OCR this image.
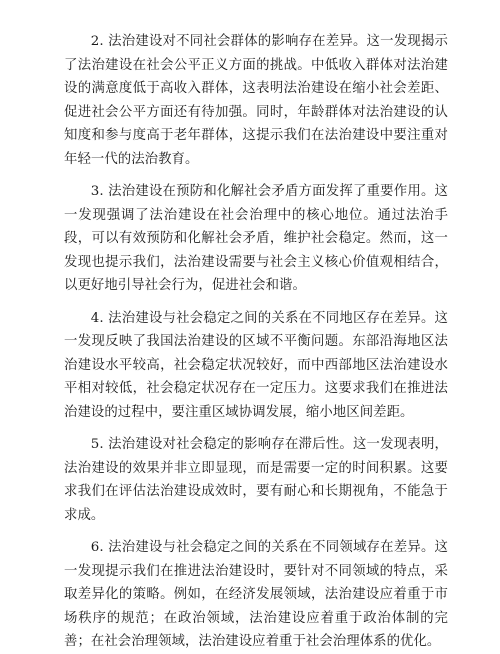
2. 法治建设对不同社会群体的影响存在差异。这一发现揭示了法治建设在社会公平正义方面的挑战。中低收入群体对法治建设的满意度低于高收入群体，这表明法治建设在缩小社会差距、促进社会公平方面还有待加强。同时，年龄群体对法治建设的认知度和参与度高于老年群体，这提示我们在法治建设中要注重对年轻一代的法治教育。

3. 法治建设在预防和化解社会矛盾方面发挥了重要作用。这一发现强调了法治建设在社会治理中的核心地位。通过法治手段，可以有效预防和化解社会矛盾，维护社会稳定。然而，这一发现也提示我们，法治建设需要与社会主义核心价值观相结合，以更好地引导社会行为，促进社会和谐。

4. 法治建设与社会稳定之间的关系在不同地区存在差异。这一发现反映了我国法治建设的区域不平衡问题。东部沿海地区法治建设水平较高，社会稳定状况较好，而中西部地区法治建设水平相对较低，社会稳定状况存在一定压力。这要求我们在推进法治建设的过程中，要注重区域协调发展，缩小地区间差距。

5. 法治建设对社会稳定的影响存在滞后性。这一发现表明，法治建设的效果并非立即显现，而是需要一定的时间积累。这要求我们在评估法治建设成效时，要有耐心和长期视角，不能急于求成。

6. 法治建设与社会稳定之间的关系在不同领域存在差异。这一发现提示我们在推进法治建设时，要针对不同领域的特点，采取差异化的策略。例如，在经济发展领域，法治建设应着重于市场秩序的规范；在政治领域，法治建设应着重于政治体制的完善；在社会治理领域，法治建设应着重于社会治理体系的优化。
